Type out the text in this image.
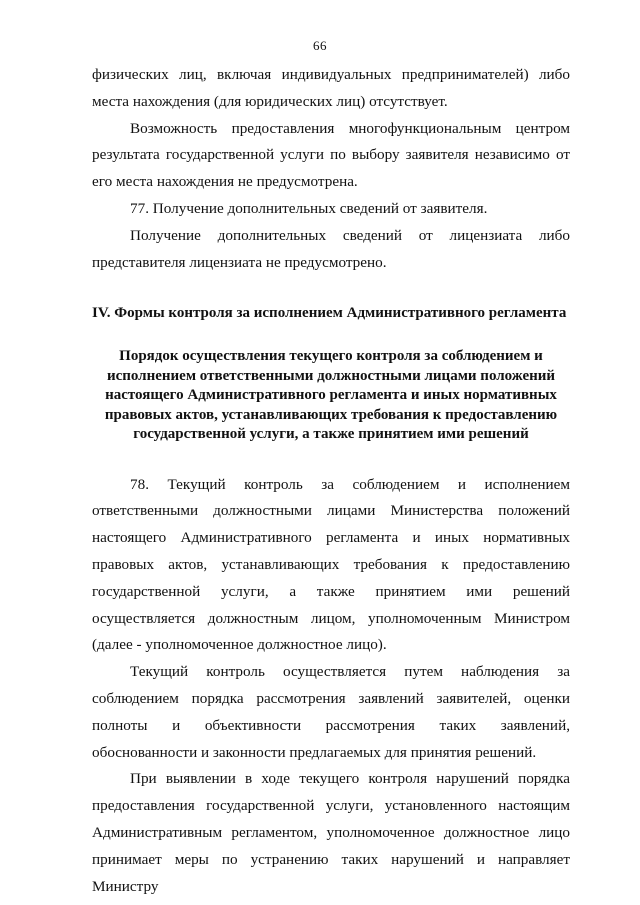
66

физических лиц, включая индивидуальных предпринимателей) либо места нахождения (для юридических лиц) отсутствует.

Возможность предоставления многофункциональным центром результата государственной услуги по выбору заявителя независимо от его места нахождения не предусмотрена.

77. Получение дополнительных сведений от заявителя.

Получение дополнительных сведений от лицензиата либо представителя лицензиата не предусмотрено.

IV. Формы контроля за исполнением Административного регламента
Порядок осуществления текущего контроля за соблюдением и исполнением ответственными должностными лицами положений настоящего Административного регламента и иных нормативных правовых актов, устанавливающих требования к предоставлению государственной услуги, а также принятием ими решений

78. Текущий контроль за соблюдением и исполнением ответственными должностными лицами Министерства положений настоящего Административного регламента и иных нормативных правовых актов, устанавливающих требования к предоставлению государственной услуги, а также принятием ими решений осуществляется должностным лицом, уполномоченным Министром (далее - уполномоченное должностное лицо).

Текущий контроль осуществляется путем наблюдения за соблюдением порядка рассмотрения заявлений заявителей, оценки полноты и объективности рассмотрения таких заявлений, обоснованности и законности предлагаемых для принятия решений.

При выявлении в ходе текущего контроля нарушений порядка предоставления государственной услуги, установленного настоящим Административным регламентом, уполномоченное должностное лицо принимает меры по устранению таких нарушений и направляет Министру
